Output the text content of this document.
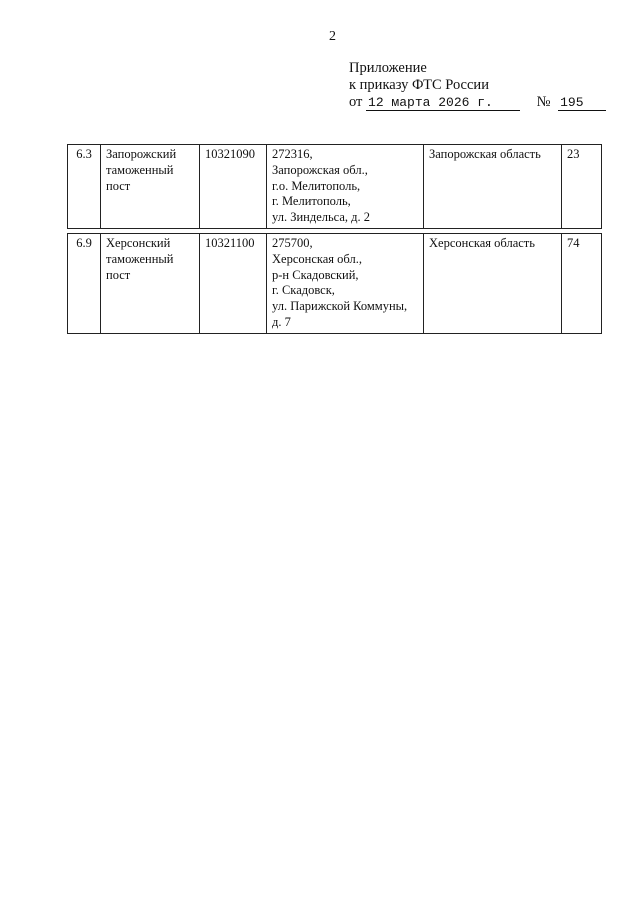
2
Приложение
к приказу ФТС России
от 12 марта 2026 г.	№ 195
6.3	Запорожский
таможенный
пост
	10321090	272316,
Запорожская обл.,
г.о. Мелитополь,
г. Мелитополь,
ул. Зиндельса, д. 2
	Запорожская область	23
6.9	Херсонский
таможенный
пост
	10321100	275700,
Херсонская обл.,
р-н Скадовский,
г. Скадовск,
ул. Парижской Коммуны,
д. 7
	Херсонская область	74
